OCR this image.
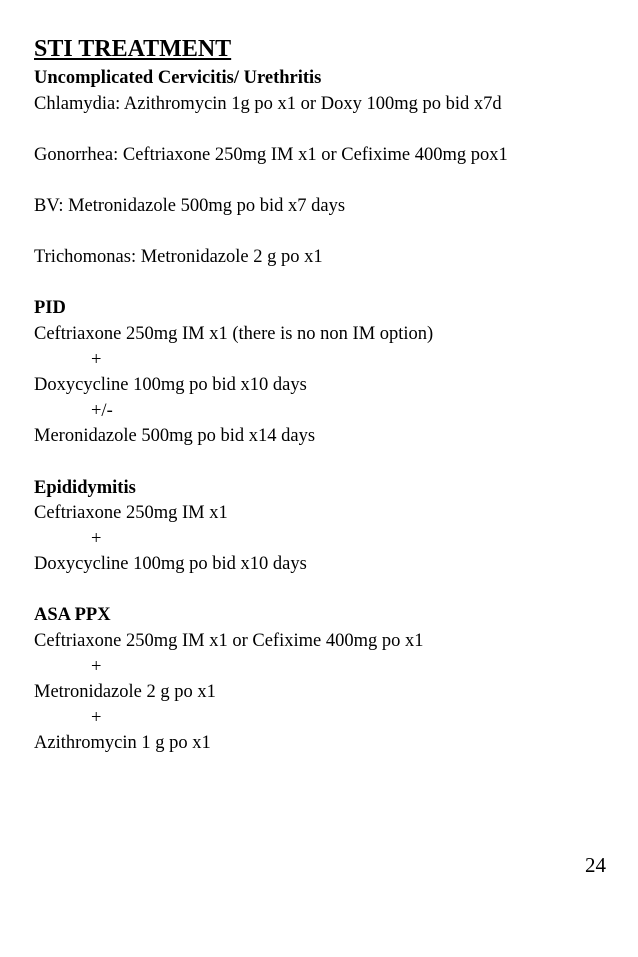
STI TREATMENT
Uncomplicated Cervicitis/ Urethritis
Chlamydia: Azithromycin 1g po x1 or Doxy 100mg po bid x7d
Gonorrhea: Ceftriaxone 250mg IM x1 or Cefixime 400mg pox1
BV: Metronidazole 500mg po bid x7 days
Trichomonas: Metronidazole 2 g po x1
PID
Ceftriaxone 250mg IM x1 (there is no non IM option)
+
Doxycycline 100mg po bid x10 days
+/-
Meronidazole 500mg po bid x14 days
Epididymitis
Ceftriaxone 250mg IM x1
+
Doxycycline 100mg po bid x10 days
ASA PPX
Ceftriaxone 250mg IM x1 or Cefixime 400mg po x1
+
Metronidazole 2 g po x1
+
Azithromycin 1 g po x1
24
